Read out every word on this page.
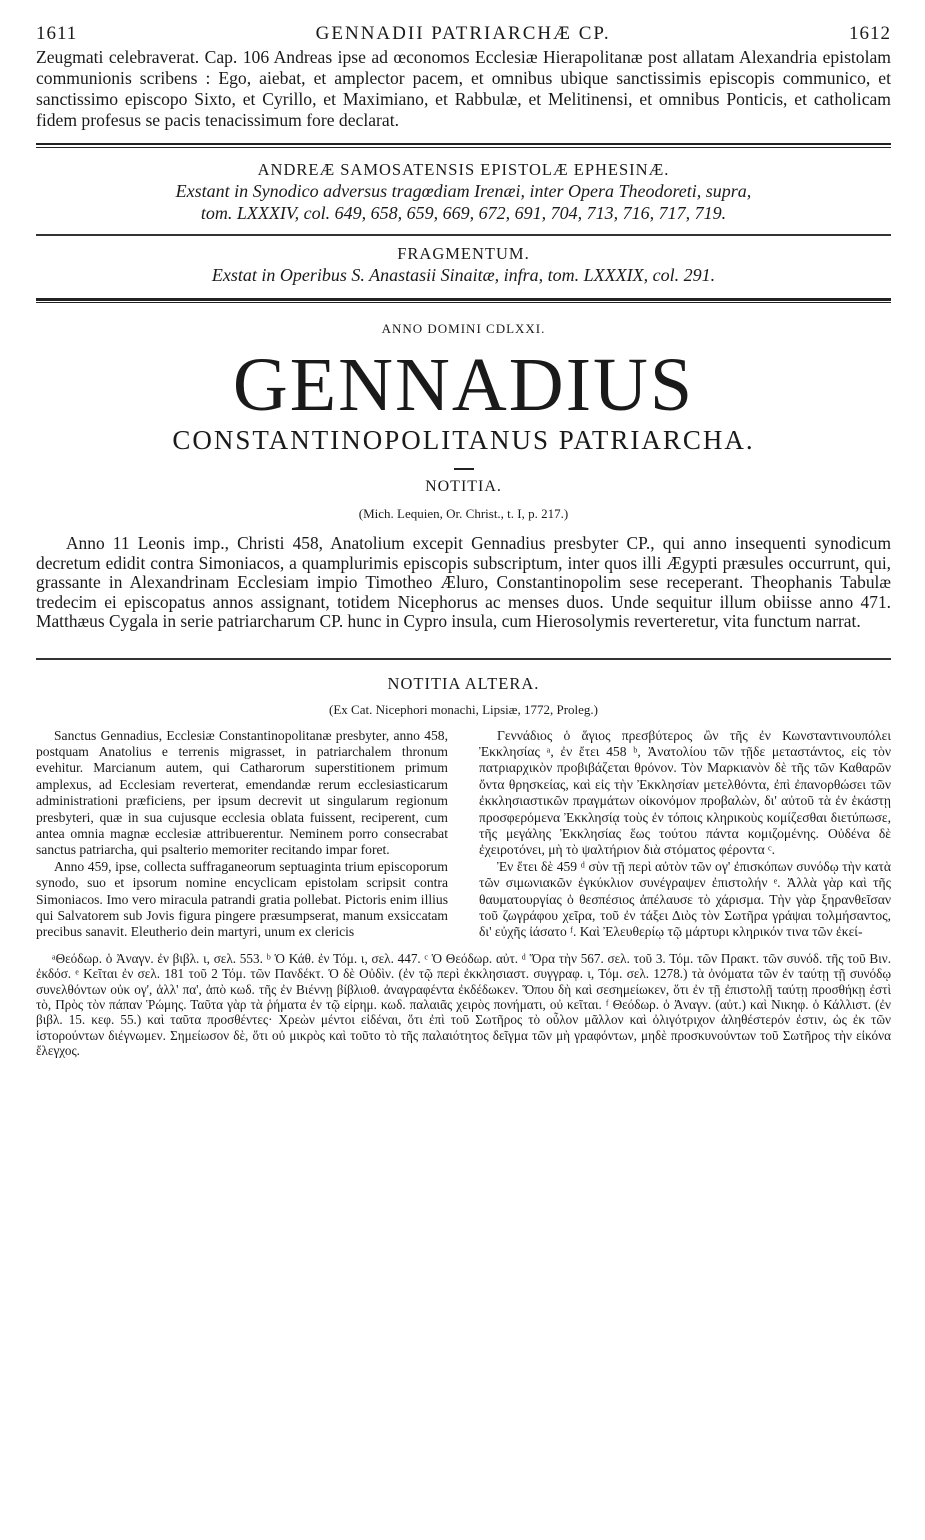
1611	GENNADII PATRIARCHÆ CP.	1612

Zeugmati celebraverat. Cap. 106 Andreas ipse ad œconomos Ecclesiæ Hierapolitanæ post allatam Alexandria epistolam communionis scribens : Ego, aiebat, et amplector pacem, et omnibus ubique sanctissimis episcopis communico, et sanctissimo episcopo Sixto, et Cyrillo, et Maximiano, et Rabbulæ, et Melitinensi, et omnibus Ponticis, et catholicam fidem profesus se pacis tenacissimum fore declarat.

ANDREÆ SAMOSATENSIS EPISTOLÆ EPHESINÆ.
Exstant in Synodico adversus tragœdiam Irenæi, inter Opera Theodoreti, supra,
tom. LXXXIV, col. 649, 658, 659, 669, 672, 691, 704, 713, 716, 717, 719.
FRAGMENTUM.
Exstat in Operibus S. Anastasii Sinaitæ, infra, tom. LXXXIX, col. 291.
ANNO DOMINI CDLXXI.
GENNADIUS
CONSTANTINOPOLITANUS PATRIARCHA.
NOTITIA.
(Mich. Lequien, Or. Christ., t. I, p. 217.)

Anno 11 Leonis imp., Christi 458, Anatolium excepit Gennadius presbyter CP., qui anno insequenti synodicum decretum edidit contra Simoniacos, a quamplurimis episcopis subscriptum, inter quos illi Ægypti præsules occurrunt, qui, grassante in Alexandrinam Ecclesiam impio Timotheo Æluro, Constantinopolim sese receperant. Theophanis Tabulæ tredecim ei episcopatus annos assignant, totidem Nicephorus ac menses duos. Unde sequitur illum obiisse anno 471. Matthæus Cygala in serie patriarcharum CP. hunc in Cypro insula, cum Hierosolymis reverteretur, vita functum narrat.

NOTITIA ALTERA.
(Ex Cat. Nicephori monachi, Lipsiæ, 1772, Proleg.)

Sanctus Gennadius, Ecclesiæ Constantinopolitanæ presbyter, anno 458, postquam Anatolius e terrenis migrasset, in patriarchalem thronum evehitur. Marcianum autem, qui Catharorum superstitionem primum amplexus, ad Ecclesiam reverterat, emendandæ rerum ecclesiasticarum administrationi præficiens, per ipsum decrevit ut singularum regionum presbyteri, quæ in sua cujusque ecclesia oblata fuissent, reciperent, cum antea omnia magnæ ecclesiæ attribuerentur. Neminem porro consecrabat sanctus patriarcha, qui psalterio memoriter recitando impar foret.

Anno 459, ipse, collecta suffraganeorum septuaginta trium episcoporum synodo, suo et ipsorum nomine encyclicam epistolam scripsit contra Simoniacos. Imo vero miracula patrandi gratia pollebat. Pictoris enim illius qui Salvatorem sub Jovis figura pingere præsumpserat, manum exsiccatam precibus sanavit. Eleutherio dein martyri, unum ex clericis

Γεννάδιος ὁ ἅγιος πρεσβύτερος ὢν τῆς ἐν Κωνσταντινουπόλει Ἐκκλησίας ᵃ, ἐν ἔτει 458 ᵇ, Ἀνατολίου τῶν τῇδε μεταστάντος, εἰς τὸν πατριαρχικὸν προβιβάζεται θρόνον. Τὸν Μαρκιανὸν δὲ τῆς τῶν Καθαρῶν ὄντα θρησκείας, καὶ εἰς τὴν Ἐκκλησίαν μετελθόντα, ἐπὶ ἐπανορθώσει τῶν ἐκκλησιαστικῶν πραγμάτων οἰκονόμον προβαλὼν, δι' αὐτοῦ τὰ ἐν ἑκάστῃ προσφερόμενα Ἐκκλησίᾳ τοὺς ἐν τόποις κληρικοὺς κομίζεσθαι διετύπωσε, τῆς μεγάλης Ἐκκλησίας ἕως τούτου πάντα κομιζομένης. Οὐδένα δὲ ἐχειροτόνει, μὴ τὸ ψαλτήριον διὰ στόματος φέροντα ᶜ.

Ἐν ἔτει δὲ 459 ᵈ σὺν τῇ περὶ αὐτὸν τῶν ογ' ἐπισκόπων συνόδῳ τὴν κατὰ τῶν σιμωνιακῶν ἐγκύκλιον συνέγραψεν ἐπιστολήν ᵉ. Ἀλλὰ γὰρ καὶ τῆς θαυματουργίας ὁ θεσπέσιος ἀπέλαυσε τὸ χάρισμα. Τὴν γὰρ ξηρανθεῖσαν τοῦ ζωγράφου χεῖρα, τοῦ ἐν τάξει Διὸς τὸν Σωτῆρα γράψαι τολμήσαντος, δι' εὐχῆς ἰάσατο ᶠ. Καὶ Ἐλευθερίῳ τῷ μάρτυρι κληρικόν τινα τῶν ἐκεί-

ᵃΘεόδωρ. ὁ Ἀναγν. ἐν βιβλ. ι, σελ. 553. ᵇ Ὁ Κάθ. ἐν Τόμ. ι, σελ. 447. ᶜ Ὁ Θεόδωρ. αὐτ. ᵈ Ὅρα τὴν 567. σελ. τοῦ 3. Τόμ. τῶν Πρακτ. τῶν συνόδ. τῆς τοῦ Βιν. ἐκδόσ. ᵉ Κεῖται ἐν σελ. 181 τοῦ 2 Τόμ. τῶν Πανδέκτ. Ὁ δὲ Οὐδὶν. (ἐν τῷ περὶ ἐκκλησιαστ. συγγραφ. ι, Τόμ. σελ. 1278.) τὰ ὀνόματα τῶν ἐν ταύτῃ τῇ συνόδῳ συνελθόντων οὐκ ογ', ἀλλ' πα', ἀπὸ κωδ. τῆς ἐν Βιέννῃ βίβλιοθ. ἀναγραφέντα ἐκδέδωκεν. Ὅπου δὴ καὶ σεσημείωκεν, ὅτι ἐν τῇ ἐπιστολῇ ταύτῃ προσθήκῃ ἐστὶ τὸ, Πρὸς τὸν πάπαν Ῥώμης. Ταῦτα γὰρ τὰ ῥήματα ἐν τῷ εἰρημ. κωδ. παλαιᾶς χειρὸς πονήματι, οὐ κεῖται. ᶠ Θεόδωρ. ὁ Ἀναγν. (αὐτ.) καὶ Νικηφ. ὁ Κάλλιστ. (ἐν βιβλ. 15. κεφ. 55.) καὶ ταῦτα προσθέντες· Χρεὼν μέντοι εἰδέναι, ὅτι ἐπὶ τοῦ Σωτῆρος τὸ οὖλον μᾶλλον καὶ ὀλιγότριχον ἀληθέστερόν ἐστιν, ὡς ἐκ τῶν ἱστορούντων διέγνωμεν. Σημείωσον δὲ, ὅτι οὐ μικρὸς καὶ τοῦτο τὸ τῆς παλαιότητος δεῖγμα τῶν μὴ γραφόντων, μηδὲ προσκυνούντων τοῦ Σωτῆρος τὴν εἰκόνα ἔλεγχος.
